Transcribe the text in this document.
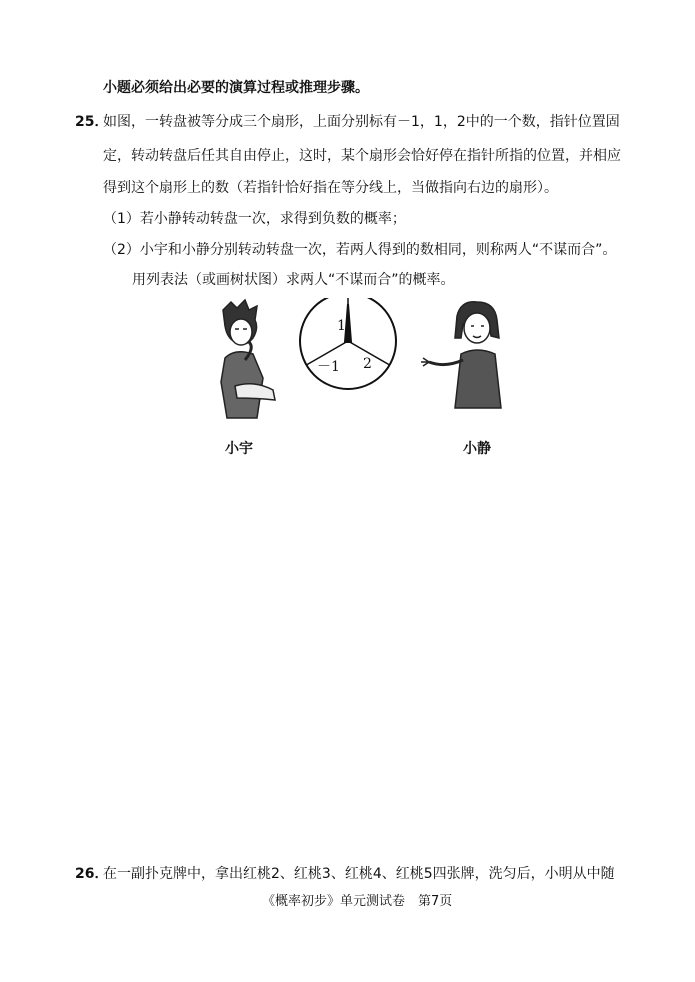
小题必须给出必要的演算过程或推理步骤。
25．
如图，一转盘被等分成三个扇形，上面分别标有－1，1，2中的一个数，指针位置固
定，转动转盘后任其自由停止，这时，某个扇形会恰好停在指针所指的位置，并相应
得到这个扇形上的数（若指针恰好指在等分线上，当做指向右边的扇形）。
（1）若小静转动转盘一次，求得到负数的概率；
（2）小宇和小静分别转动转盘一次，若两人得到的数相同，则称两人“不谋而合”。
用列表法（或画树状图）求两人“不谋而合”的概率。
1
－1 2
小宇	小静
26．
在一副扑克牌中，拿出红桃2、红桃3、红桃4、红桃5四张牌，洗匀后，小明从中随
《概率初步》单元测试卷　第7页
